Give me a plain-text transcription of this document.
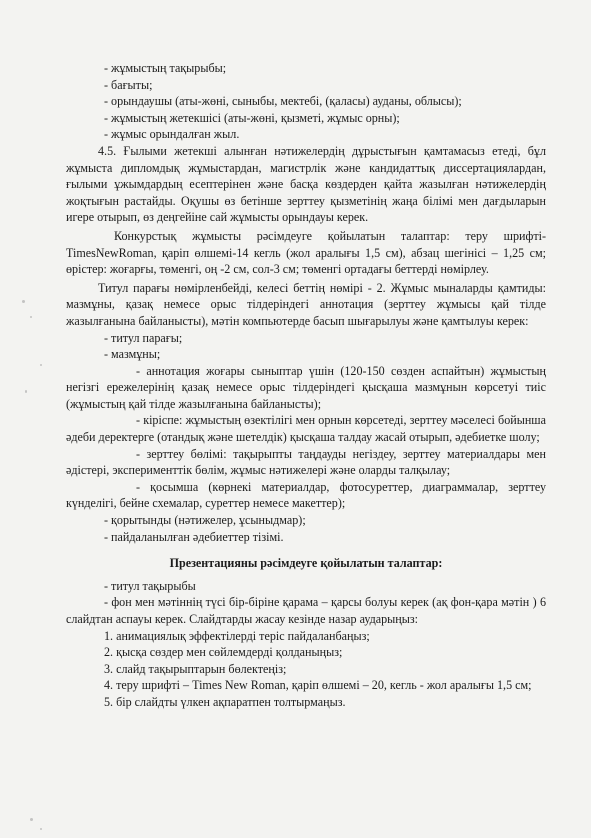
- жұмыстың тақырыбы;
- бағыты;
- орындаушы (аты-жөні, сыныбы, мектебі, (қаласы) ауданы, облысы);
- жұмыстың жетекшісі (аты-жөні, қызметі, жұмыс орны);
- жұмыс орындалған жыл.

4.5. Ғылыми жетекші алынған нәтижелердің дұрыстығын қамтамасыз етеді, бұл жұмыста дипломдық жұмыстардан, магистрлік және кандидаттық диссертациялардан, ғылыми ұжымдардың есептерінен және басқа көздерден қайта жазылған нәтижелердің жоқтығын растайды. Оқушы өз бетінше зерттеу қызметінің жаңа білімі мен дағдыларын игере отырып, өз деңгейіне сай жұмысты орындауы керек.

Конкурстық жұмысты рәсімдеуге қойылатын талаптар: теру шрифті-TimesNewRoman, қаріп өлшемі-14 кегль (жол аралығы 1,5 см), абзац шегінісі – 1,25 см; өрістер: жоғарғы, төменгі, оң -2 см, сол-3 см; төменгі ортадағы беттерді нөмірлеу.

Титул парағы нөмірленбейді, келесі беттің нөмірі - 2. Жұмыс мыналарды қамтиды: мазмұны, қазақ немесе орыс тілдеріндегі аннотация (зерттеу жұмысы қай тілде жазылғанына байланысты), мәтін компьютерде басып шығарылуы және қамтылуы керек:

- титул парағы;
- мазмұны;

- аннотация жоғары сыныптар үшін (120-150 сөзден аспайтын) жұмыстың негізгі ережелерінің қазақ немесе орыс тілдеріндегі қысқаша мазмұнын көрсетуі тиіс (жұмыстың қай тілде жазылғанына байланысты);

- кіріспе: жұмыстың өзектілігі мен орнын көрсетеді, зерттеу мәселесі бойынша әдеби деректерге (отандық және шетелдік) қысқаша талдау жасай отырып, әдебиетке шолу;

- зерттеу бөлімі: тақырыпты таңдауды негіздеу, зерттеу материалдары мен әдістері, эксперименттік бөлім, жұмыс нәтижелері және оларды талқылау;

- қосымша (көрнекі материалдар, фотосуреттер, диаграммалар, зерттеу күнделігі, бейне схемалар, суреттер немесе макеттер);

- қорытынды (нәтижелер, ұсыныдмар);
- пайдаланылған әдебиеттер тізімі.
Презентацияны рәсімдеуге қойылатын талаптар:
- титул тақырыбы

- фон мен мәтіннің түсі бір-біріне қарама – қарсы болуы керек (ақ фон-қара мәтін ) 6 слайдтан аспауы керек. Слайдтарды жасау кезінде назар аударыңыз:

1. анимациялық эффектілерді теріс пайдаланбаңыз;
2. қысқа сөздер мен сөйлемдерді қолданыңыз;
3. слайд тақырыптарын бөлектеңіз;

4. теру шрифті – Times New Roman, қаріп өлшемі – 20, кегль - жол аралығы 1,5 см;

5. бір слайдты үлкен ақпаратпен толтырмаңыз.
